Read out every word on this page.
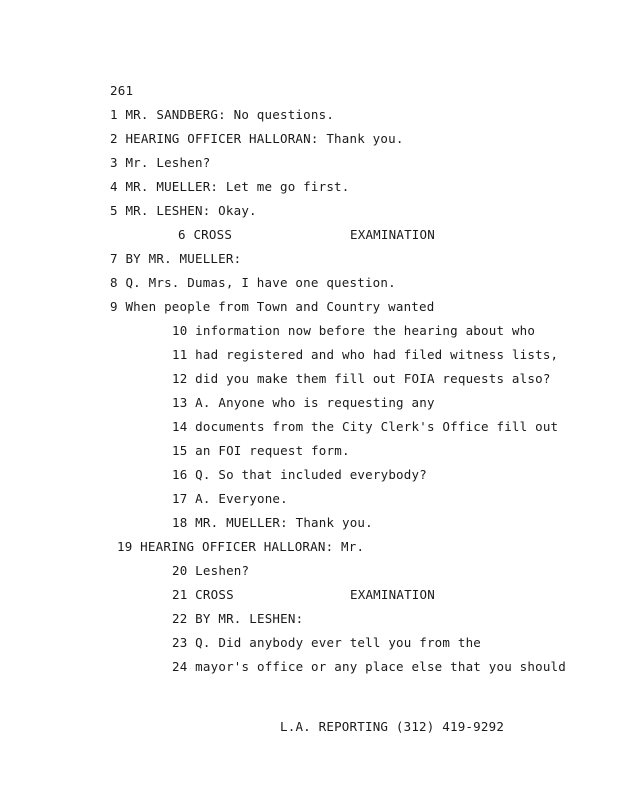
261
1 MR. SANDBERG: No questions.
2 HEARING OFFICER HALLORAN: Thank you.
3 Mr. Leshen?
4 MR. MUELLER: Let me go first.
5 MR. LESHEN: Okay.
6 CROSS	EXAMINATION
7 BY MR. MUELLER:
8 Q. Mrs. Dumas, I have one question.
9 When people from Town and Country wanted
10 information now before the hearing about who
11 had registered and who had filed witness lists,
12 did you make them fill out FOIA requests also?
13 A. Anyone who is requesting any
14 documents from the City Clerk's Office fill out
15 an FOI request form.
16 Q. So that included everybody?
17 A. Everyone.
18 MR. MUELLER: Thank you.
19 HEARING OFFICER HALLORAN: Mr.
20 Leshen?
21 CROSS	EXAMINATION
22 BY MR. LESHEN:
23 Q. Did anybody ever tell you from the
24 mayor's office or any place else that you should
L.A. REPORTING (312) 419-9292
